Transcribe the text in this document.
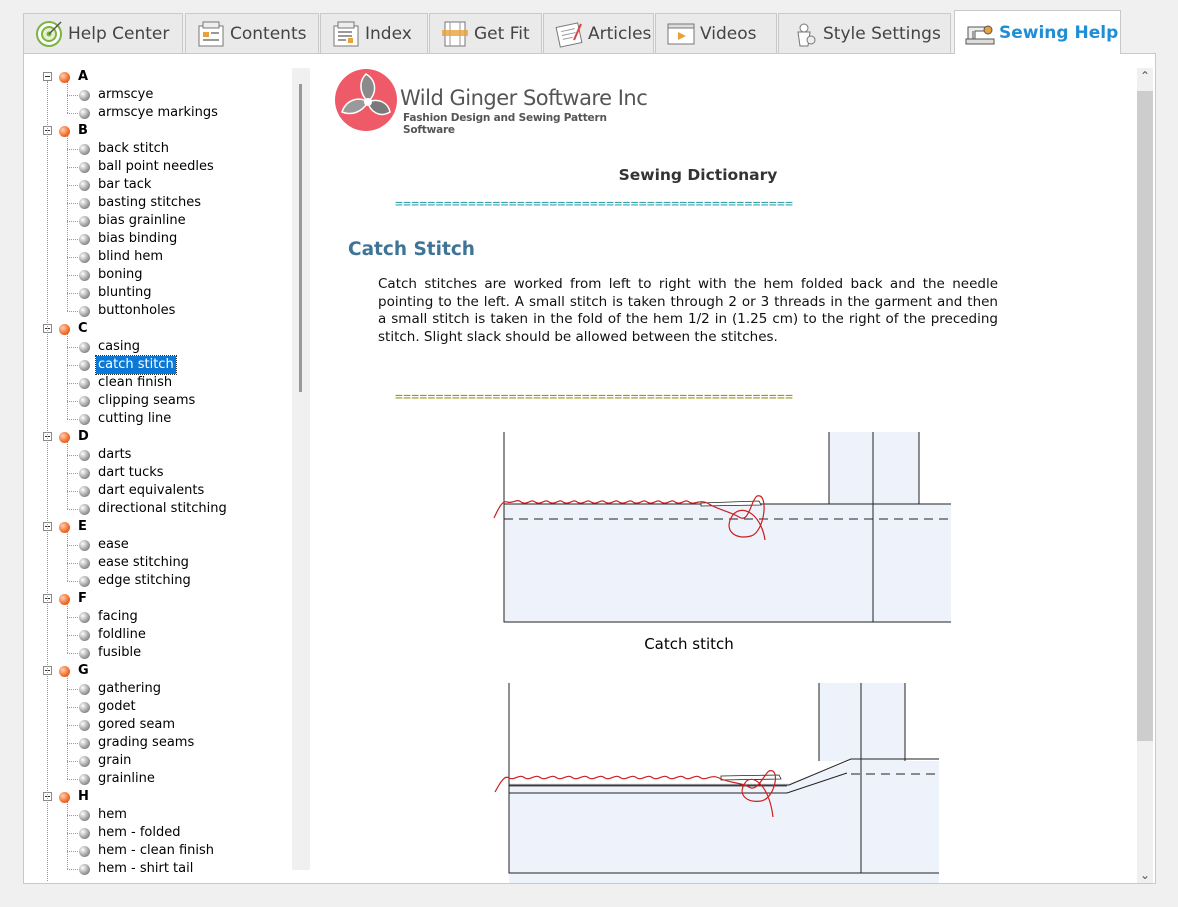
Help Center	Contents	Index	Get Fit	Articles	Videos	Style Settings	Sewing Help
A
armscye
armscye markings
B
back stitch
ball point needles
bar tack
basting stitches
bias grainline
bias binding
blind hem
boning
blunting
buttonholes
C
casing
catch stitch
clean finish
clipping seams
cutting line
D
darts
dart tucks
dart equivalents
directional stitching
E
ease
ease stitching
edge stitching
F
facing
foldline
fusible
G
gathering
godet
gored seam
grading seams
grain
grainline
H
hem
hem - folded
hem - clean finish
hem - shirt tail
Wild Ginger Software Inc
Fashion Design and Sewing Pattern Software
Sewing Dictionary
=================================================
Catch Stitch
Catch stitches are worked from left to right with the hem folded back and the needle pointing to the left. A small stitch is taken through 2 or 3 threads in the garment and then a small stitch is taken in the fold of the hem 1/2 in (1.25 cm) to the right of the preceding stitch. Slight slack should be allowed between the stitches.
=================================================
Catch stitch
⌃
⌄
